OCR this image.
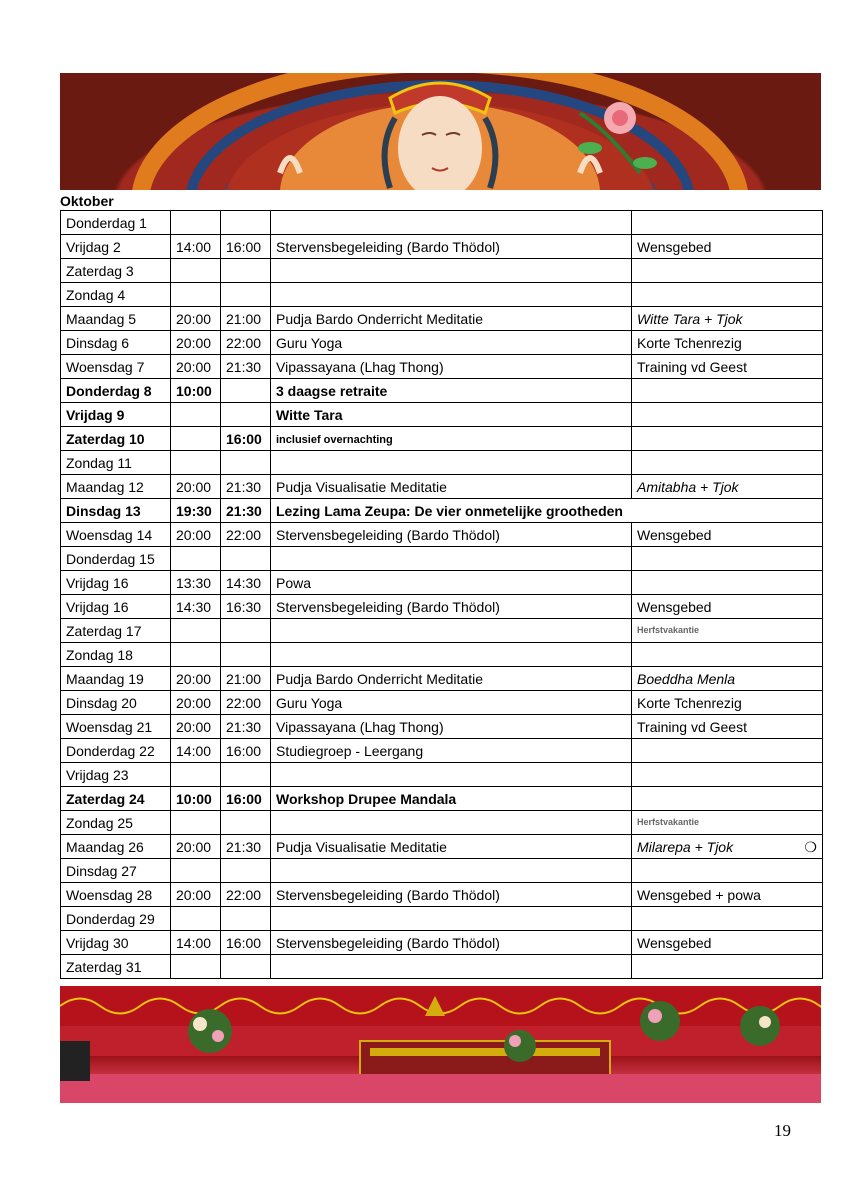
Oktober
Donderdag 1				
Vrijdag 2	14:00	16:00	Stervensbegeleiding (Bardo Thödol)	Wensgebed
Zaterdag 3				
Zondag 4				
Maandag 5	20:00	21:00	Pudja Bardo Onderricht Meditatie	Witte Tara + Tjok
Dinsdag 6	20:00	22:00	Guru Yoga	Korte Tchenrezig
Woensdag 7	20:00	21:30	Vipassayana (Lhag Thong)	Training vd Geest
Donderdag 8	10:00		3 daagse retraite	
Vrijdag 9			Witte Tara	
Zaterdag 10		16:00	inclusief overnachting	
Zondag 11				
Maandag 12	20:00	21:30	Pudja Visualisatie Meditatie	Amitabha + Tjok
Dinsdag 13	19:30	21:30	Lezing Lama Zeupa: De vier onmetelijke grootheden	
Woensdag 14	20:00	22:00	Stervensbegeleiding (Bardo Thödol)	Wensgebed
Donderdag 15				
Vrijdag 16	13:30	14:30	Powa	
Vrijdag 16	14:30	16:30	Stervensbegeleiding (Bardo Thödol)	Wensgebed
Zaterdag 17				Herfstvakantie
Zondag 18				
Maandag 19	20:00	21:00	Pudja Bardo Onderricht Meditatie	Boeddha Menla
Dinsdag 20	20:00	22:00	Guru Yoga	Korte Tchenrezig
Woensdag 21	20:00	21:30	Vipassayana (Lhag Thong)	Training vd Geest
Donderdag 22	14:00	16:00	Studiegroep - Leergang	
Vrijdag 23				
Zaterdag 24	10:00	16:00	Workshop Drupee Mandala	
Zondag 25				Herfstvakantie
Maandag 26	20:00	21:30	Pudja Visualisatie Meditatie	Milarepa + Tjok ❍

Dinsdag 27				
Woensdag 28	20:00	22:00	Stervensbegeleiding (Bardo Thödol)	Wensgebed + powa
Donderdag 29				
Vrijdag 30	14:00	16:00	Stervensbegeleiding (Bardo Thödol)	Wensgebed
Zaterdag 31				
19
